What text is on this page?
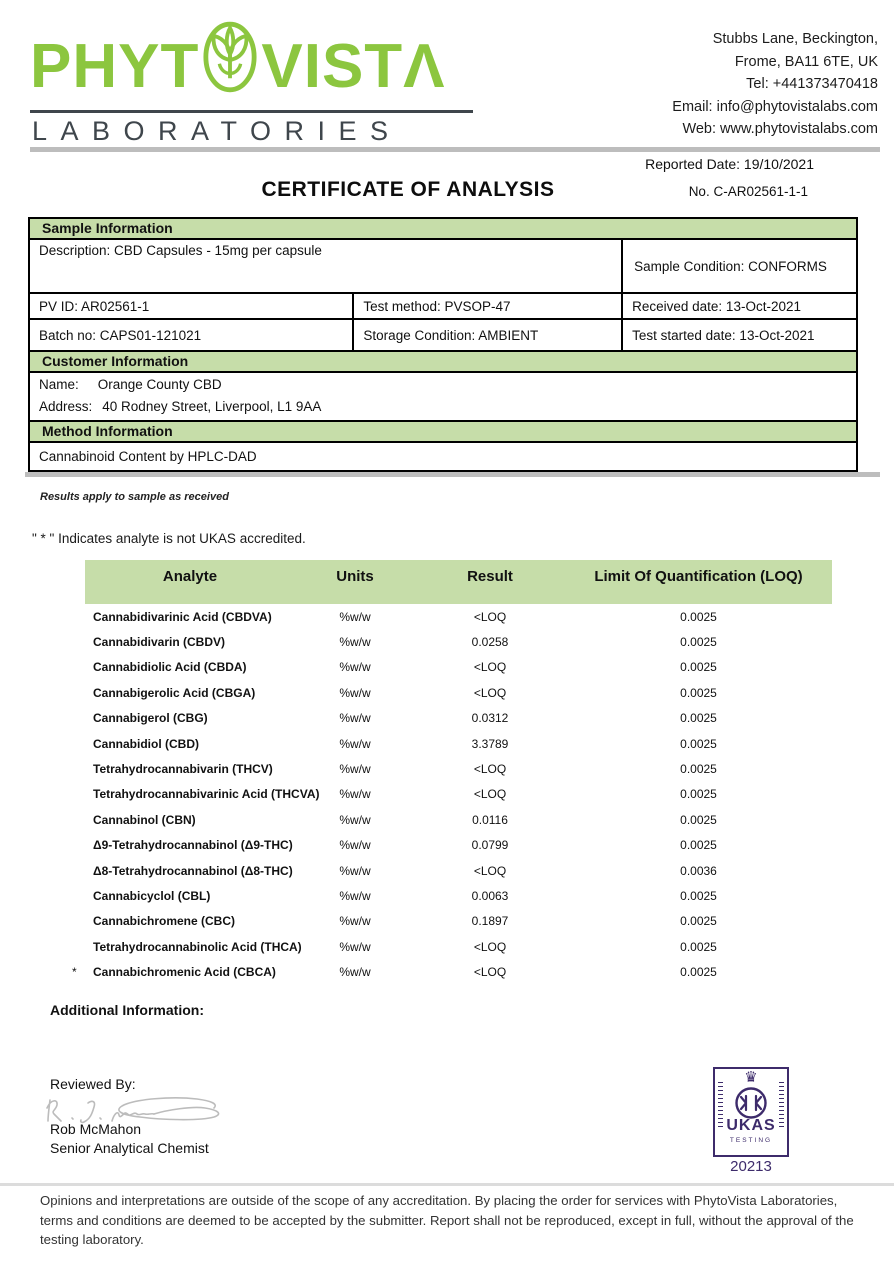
PHYT VISTΛ
LABORATORIES
Stubbs Lane, Beckington,
Frome, BA11 6TE, UK
Tel: +441373470418
Email: info@phytovistalabs.com
Web: www.phytovistalabs.com
Reported Date: 19/10/2021
CERTIFICATE OF ANALYSIS	No. C-AR02561-1-1
Sample Information
Description: CBD Capsules - 15mg per capsule
Sample Condition: CONFORMS
PV ID: AR02561-1	Test method: PVSOP-47	Received date: 13-Oct-2021
Batch no: CAPS01-121021	Storage Condition: AMBIENT	Test started date: 13-Oct-2021
Customer Information
Name: Orange County CBD
Address: 40 Rodney Street, Liverpool, L1 9AA
Method Information
Cannabinoid Content by HPLC-DAD
Results apply to sample as received
" * " Indicates analyte is not UKAS accredited.
Analyte	Units	Result	Limit Of Quantification (LOQ)
Cannabidivarinic Acid (CBDVA)	%w/w	<LOQ	0.0025
Cannabidivarin (CBDV)	%w/w	0.0258	0.0025
Cannabidiolic Acid (CBDA)	%w/w	<LOQ	0.0025
Cannabigerolic Acid (CBGA)	%w/w	<LOQ	0.0025
Cannabigerol (CBG)	%w/w	0.0312	0.0025
Cannabidiol (CBD)	%w/w	3.3789	0.0025
Tetrahydrocannabivarin (THCV)	%w/w	<LOQ	0.0025
Tetrahydrocannabivarinic Acid (THCVA)	%w/w	<LOQ	0.0025
Cannabinol (CBN)	%w/w	0.0116	0.0025
Δ9-Tetrahydrocannabinol (Δ9-THC)	%w/w	0.0799	0.0025
Δ8-Tetrahydrocannabinol (Δ8-THC)	%w/w	<LOQ	0.0036
Cannabicyclol (CBL)	%w/w	0.0063	0.0025
Cannabichromene (CBC)	%w/w	0.1897	0.0025
Tetrahydrocannabinolic Acid (THCA)	%w/w	<LOQ	0.0025
* Cannabichromenic Acid (CBCA)	%w/w	<LOQ	0.0025
Additional Information:
Reviewed By:
Rob McMahon
Senior Analytical Chemist
♛
UKAS
TESTING
20213
Opinions and interpretations are outside of the scope of any accreditation. By placing the order for services with PhytoVista Laboratories, terms and conditions are deemed to be accepted by the submitter. Report shall not be reproduced, except in full, without the approval of the testing laboratory.
